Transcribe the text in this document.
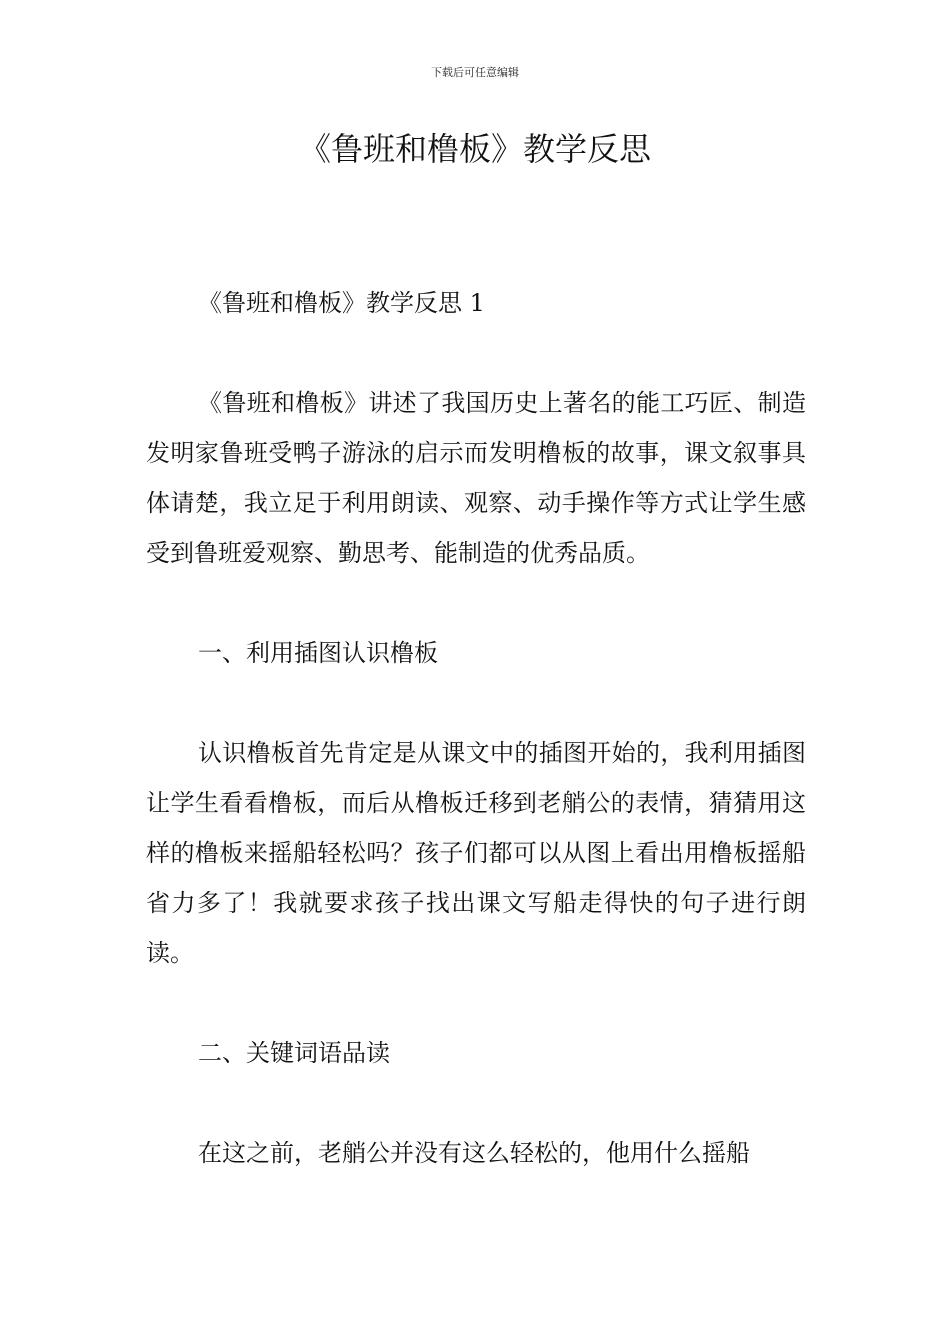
下载后可任意编辑
《鲁班和橹板》教学反思

《鲁班和橹板》教学反思 1

《鲁班和橹板》讲述了我国历史上著名的能工巧匠、制造发明家鲁班受鸭子游泳的启示而发明橹板的故事，课文叙事具体请楚，我立足于利用朗读、观察、动手操作等方式让学生感受到鲁班爱观察、勤思考、能制造的优秀品质。

一、利用插图认识橹板

认识橹板首先肯定是从课文中的插图开始的，我利用插图让学生看看橹板，而后从橹板迁移到老艄公的表情，猜猜用这样的橹板来摇船轻松吗？孩子们都可以从图上看出用橹板摇船省力多了！我就要求孩子找出课文写船走得快的句子进行朗读。

二、关键词语品读

在这之前，老艄公并没有这么轻松的，他用什么摇船
